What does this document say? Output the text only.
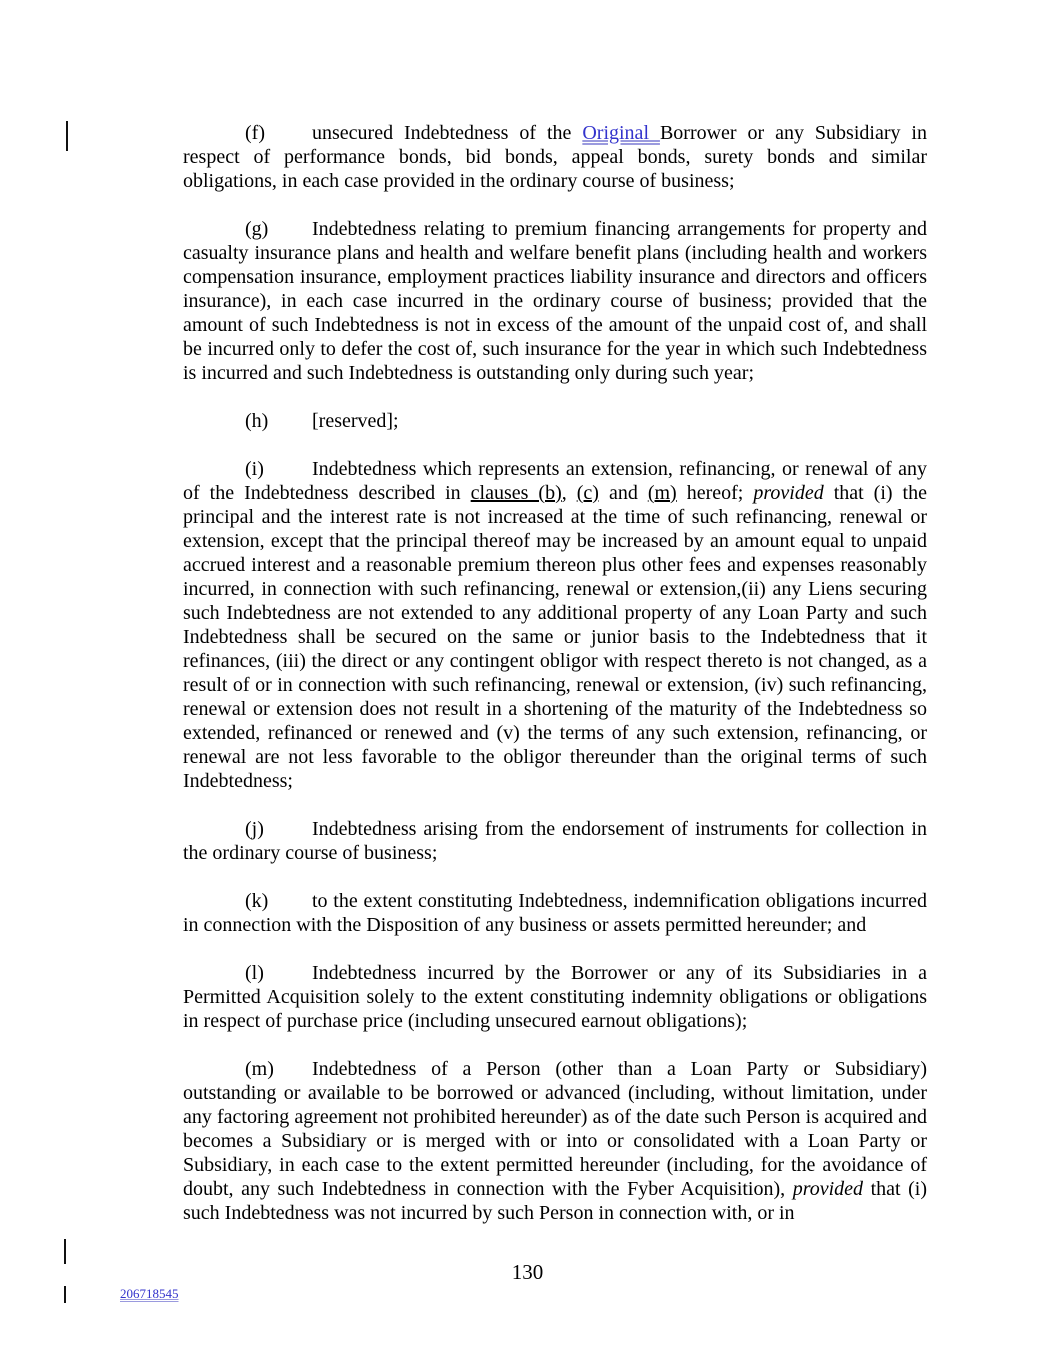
(f) unsecured Indebtedness of the Original Borrower or any Subsidiary in respect of performance bonds, bid bonds, appeal bonds, surety bonds and similar obligations, in each case provided in the ordinary course of business;

(g) Indebtedness relating to premium financing arrangements for property and casualty insurance plans and health and welfare benefit plans (including health and workers compensation insurance, employment practices liability insurance and directors and officers insurance), in each case incurred in the ordinary course of business; provided that the amount of such Indebtedness is not in excess of the amount of the unpaid cost of, and shall be incurred only to defer the cost of, such insurance for the year in which such Indebtedness is incurred and such Indebtedness is outstanding only during such year;

(h) [reserved];

(i) Indebtedness which represents an extension, refinancing, or renewal of any of the Indebtedness described in clauses (b), (c) and (m) hereof; provided that (i) the principal and the interest rate is not increased at the time of such refinancing, renewal or extension, except that the principal thereof may be increased by an amount equal to unpaid accrued interest and a reasonable premium thereon plus other fees and expenses reasonably incurred, in connection with such refinancing, renewal or extension,(ii) any Liens securing such Indebtedness are not extended to any additional property of any Loan Party and such Indebtedness shall be secured on the same or junior basis to the Indebtedness that it refinances, (iii) the direct or any contingent obligor with respect thereto is not changed, as a result of or in connection with such refinancing, renewal or extension, (iv) such refinancing, renewal or extension does not result in a shortening of the maturity of the Indebtedness so extended, refinanced or renewed and (v) the terms of any such extension, refinancing, or renewal are not less favorable to the obligor thereunder than the original terms of such Indebtedness;

(j) Indebtedness arising from the endorsement of instruments for collection in the ordinary course of business;

(k) to the extent constituting Indebtedness, indemnification obligations incurred in connection with the Disposition of any business or assets permitted hereunder; and

(l) Indebtedness incurred by the Borrower or any of its Subsidiaries in a Permitted Acquisition solely to the extent constituting indemnity obligations or obligations in respect of purchase price (including unsecured earnout obligations);

(m) Indebtedness of a Person (other than a Loan Party or Subsidiary) outstanding or available to be borrowed or advanced (including, without limitation, under any factoring agreement not prohibited hereunder) as of the date such Person is acquired and becomes a Subsidiary or is merged with or into or consolidated with a Loan Party or Subsidiary, in each case to the extent permitted hereunder (including, for the avoidance of doubt, any such Indebtedness in connection with the Fyber Acquisition), provided that (i) such Indebtedness was not incurred by such Person in connection with, or in

130
206718545
